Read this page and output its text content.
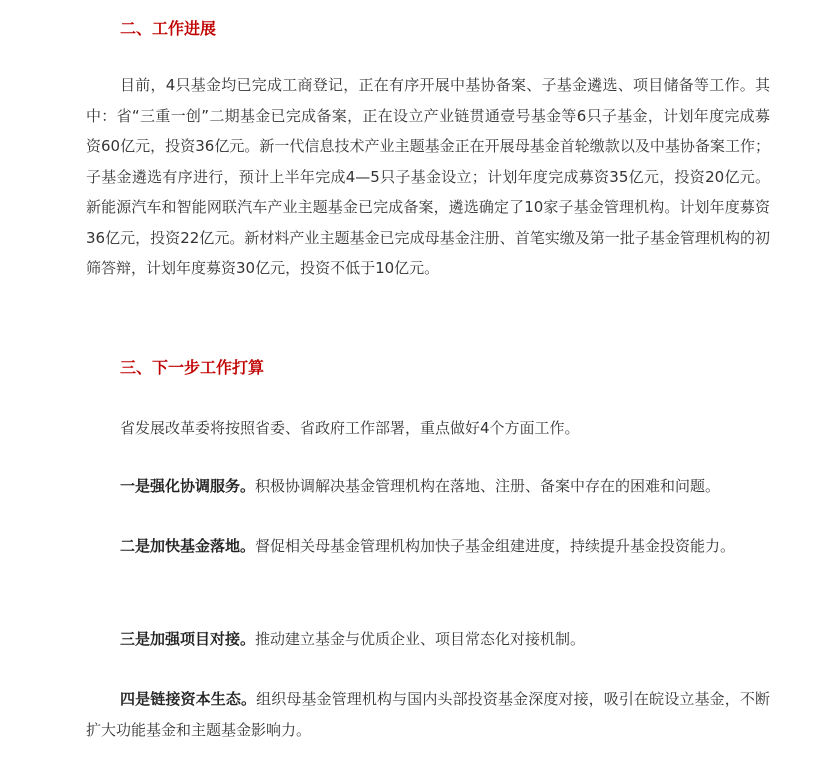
二、工作进展

目前，4只基金均已完成工商登记，正在有序开展中基协备案、子基金遴选、项目储备等工作。其中：省“三重一创”二期基金已完成备案，正在设立产业链贯通壹号基金等6只子基金，计划年度完成募资60亿元，投资36亿元。新一代信息技术产业主题基金正在开展母基金首轮缴款以及中基协备案工作；子基金遴选有序进行，预计上半年完成4—5只子基金设立；计划年度完成募资35亿元，投资20亿元。新能源汽车和智能网联汽车产业主题基金已完成备案，遴选确定了10家子基金管理机构。计划年度募资36亿元，投资22亿元。新材料产业主题基金已完成母基金注册、首笔实缴及第一批子基金管理机构的初筛答辩，计划年度募资30亿元，投资不低于10亿元。

三、下一步工作打算

省发展改革委将按照省委、省政府工作部署，重点做好4个方面工作。

一是强化协调服务。积极协调解决基金管理机构在落地、注册、备案中存在的困难和问题。

二是加快基金落地。督促相关母基金管理机构加快子基金组建进度，持续提升基金投资能力。

三是加强项目对接。推动建立基金与优质企业、项目常态化对接机制。

四是链接资本生态。组织母基金管理机构与国内头部投资基金深度对接，吸引在皖设立基金，不断扩大功能基金和主题基金影响力。
